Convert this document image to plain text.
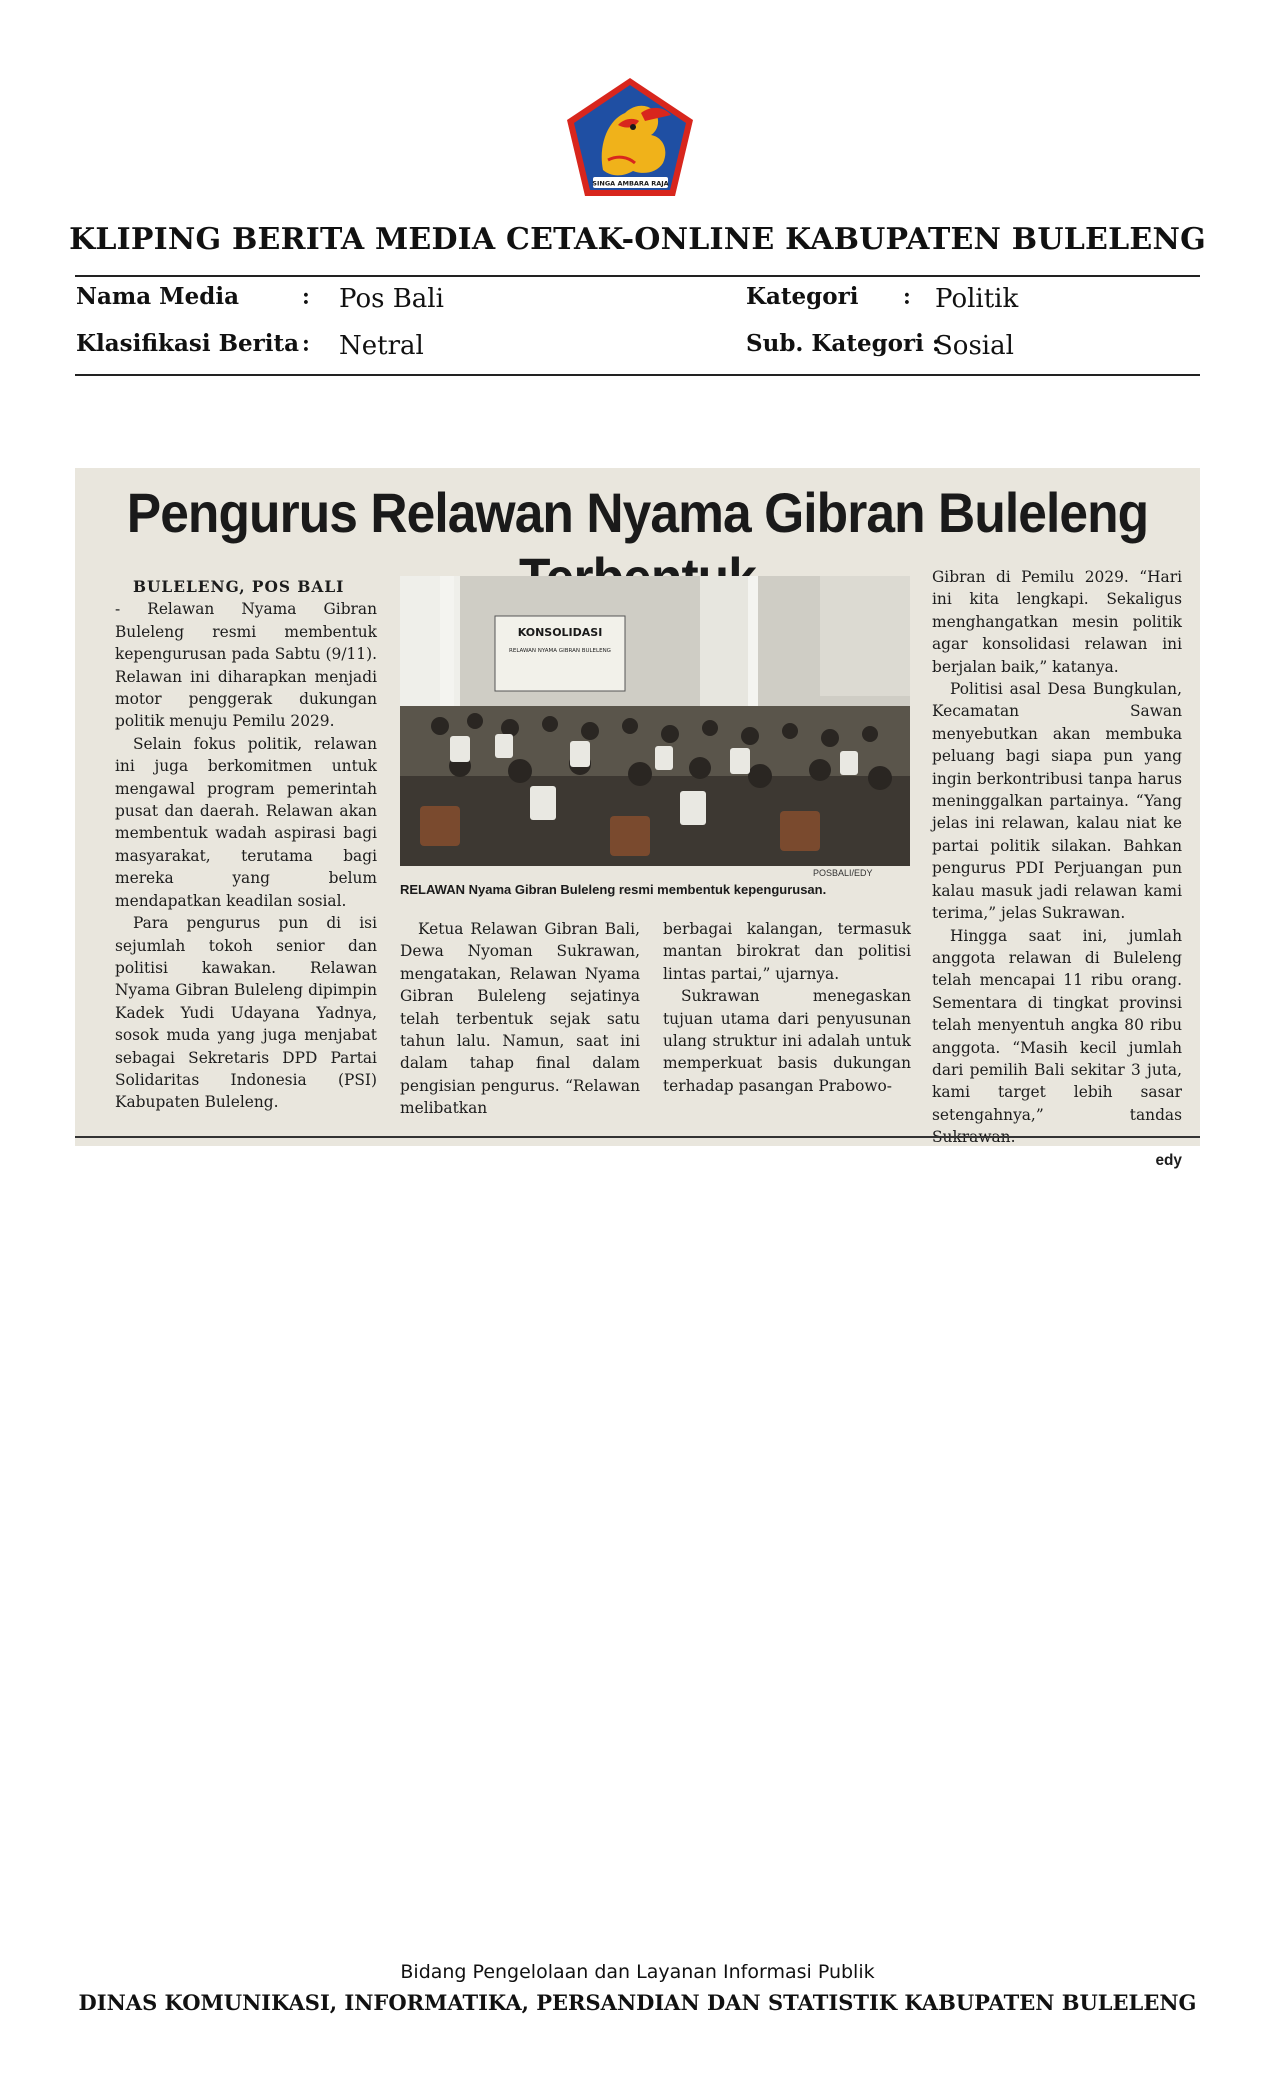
SINGA AMBARA RAJA
KLIPING BERITA MEDIA CETAK-ONLINE KABUPATEN BULELENG
Nama Media	: Pos Bali
Klasifikasi Berita : Netral
Kategori : Politik
Sub. Kategori :
Sosial
Pengurus Relawan Nyama Gibran Buleleng
BULELENG, POS BALI

- Relawan Nyama Gibran Buleleng resmi membentuk kepengurusan pada Sabtu (9/11). Relawan ini diharapkan menjadi motor penggerak dukungan politik menuju Pemilu 2029.

Selain fokus politik, relawan ini juga berkomitmen untuk mengawal program pemerintah pusat dan daerah. Relawan akan membentuk wadah aspirasi bagi masyarakat, terutama bagi mereka yang belum mendapatkan keadilan sosial.

Para pengurus pun di isi sejumlah tokoh senior dan politisi kawakan. Relawan Nyama Gibran Buleleng dipimpin Kadek Yudi Udayana Yadnya, sosok muda yang juga menjabat sebagai Sekretaris DPD Partai Solidaritas Indonesia (PSI) Kabupaten Buleleng.

KONSOLIDASI
RELAWAN NYAMA GIBRAN BULELENG
POSBALI/EDY
RELAWAN Nyama Gibran Buleleng resmi membentuk kepengurusan.

Ketua Relawan Gibran Bali, Dewa Nyoman Sukrawan, mengatakan, Relawan Nyama Gibran Buleleng sejatinya telah terbentuk sejak satu tahun lalu. Namun, saat ini dalam tahap final dalam pengisian pengurus. “Relawan melibatkan

berbagai kalangan, termasuk mantan birokrat dan politisi lintas partai,” ujarnya.

Sukrawan menegaskan tujuan utama dari penyusunan ulang struktur ini adalah untuk memperkuat basis dukungan terhadap pasangan Prabowo-

Gibran di Pemilu 2029. “Hari ini kita lengkapi. Sekaligus menghangatkan mesin politik agar konsolidasi relawan ini berjalan baik,” katanya.

Politisi asal Desa Bungkulan, Kecamatan Sawan menyebutkan akan membuka peluang bagi siapa pun yang ingin berkontribusi tanpa harus meninggalkan partainya. “Yang jelas ini relawan, kalau niat ke partai politik silakan. Bahkan pengurus PDI Perjuangan pun kalau masuk jadi relawan kami terima,” jelas Sukrawan.

Hingga saat ini, jumlah anggota relawan di Buleleng telah mencapai 11 ribu orang. Sementara di tingkat provinsi telah menyentuh angka 80 ribu anggota. “Masih kecil jumlah dari pemilih Bali sekitar 3 juta, kami target lebih sasar setengahnya,” tandas Sukrawan.

edy

Bidang Pengelolaan dan Layanan Informasi Publik
DINAS KOMUNIKASI, INFORMATIKA, PERSANDIAN DAN STATISTIK KABUPATEN BULELENG
